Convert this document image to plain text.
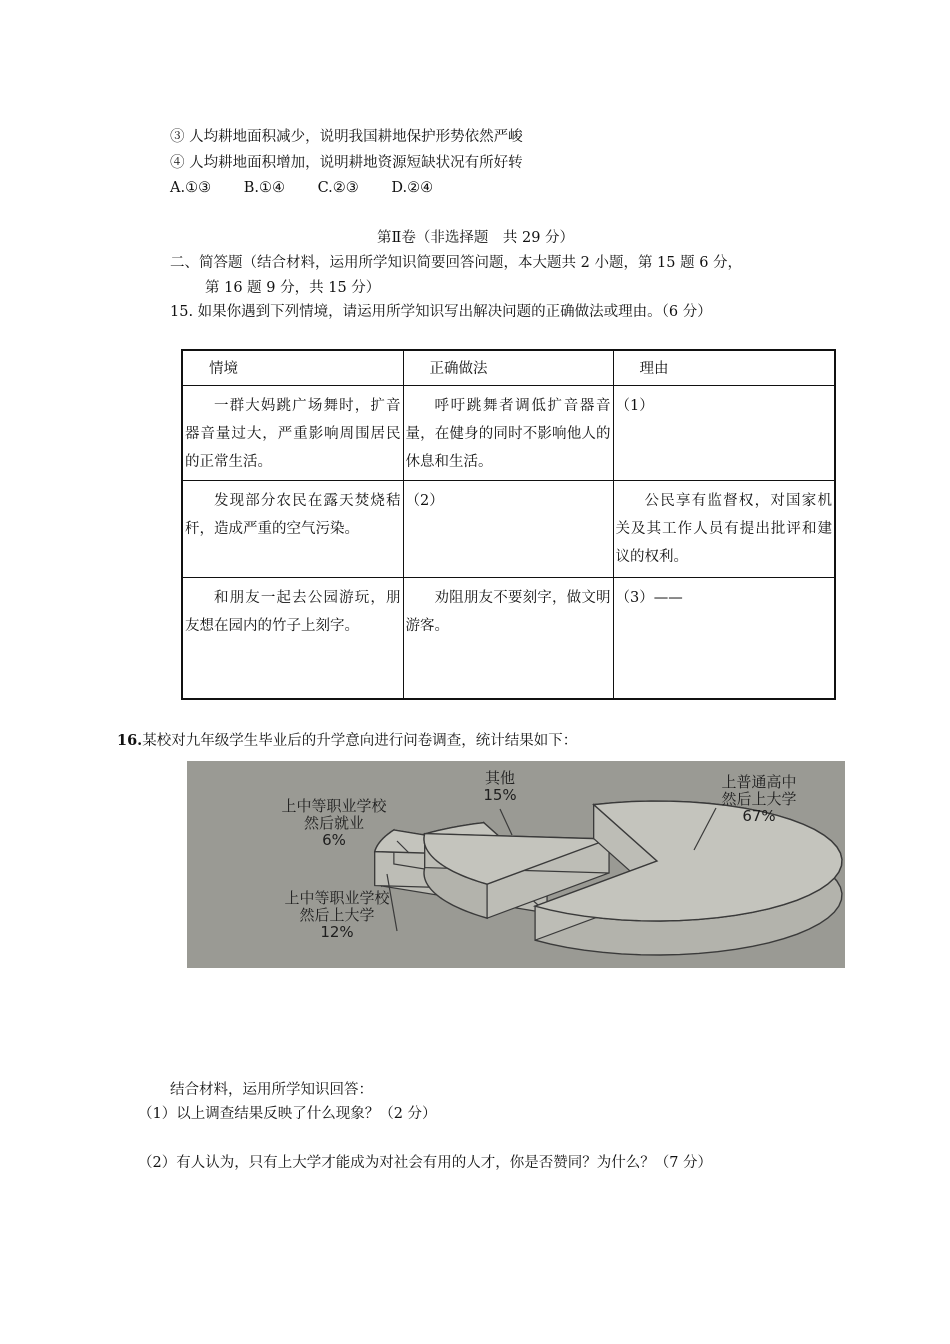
③ 人均耕地面积减少，说明我国耕地保护形势依然严峻
④ 人均耕地面积增加，说明耕地资源短缺状况有所好转
A.①③ B.①④ C.②③ D.②④
第Ⅱ卷（非选择题　共 29 分）
二、简答题（结合材料，运用所学知识简要回答问题，本大题共 2 小题，第 15 题 6 分，
第 16 题 9 分，共 15 分）
15. 如果你遇到下列情境，请运用所学知识写出解决问题的正确做法或理由。（6 分）
情境	正确做法	理由
一群大妈跳广场舞时，扩音器音量过大，严重影响周围居民的正常生活。	呼吁跳舞者调低扩音器音量，在健身的同时不影响他人的休息和生活。	（1）
发现部分农民在露天焚烧秸秆，造成严重的空气污染。	（2）	公民享有监督权，对国家机关及其工作人员有提出批评和建议的权利。
和朋友一起去公园游玩，朋友想在园内的竹子上刻字。	劝阻朋友不要刻字，做文明游客。	（3）——
16.某校对九年级学生毕业后的升学意向进行问卷调查，统计结果如下：
上普通高中然后上大学 67%
其他 15%
上中等职业学校然后就业 6%
上中等职业学校然后上大学 12%
结合材料，运用所学知识回答：
（1）以上调查结果反映了什么现象？（2 分）
（2）有人认为，只有上大学才能成为对社会有用的人才，你是否赞同？为什么？（7 分）
